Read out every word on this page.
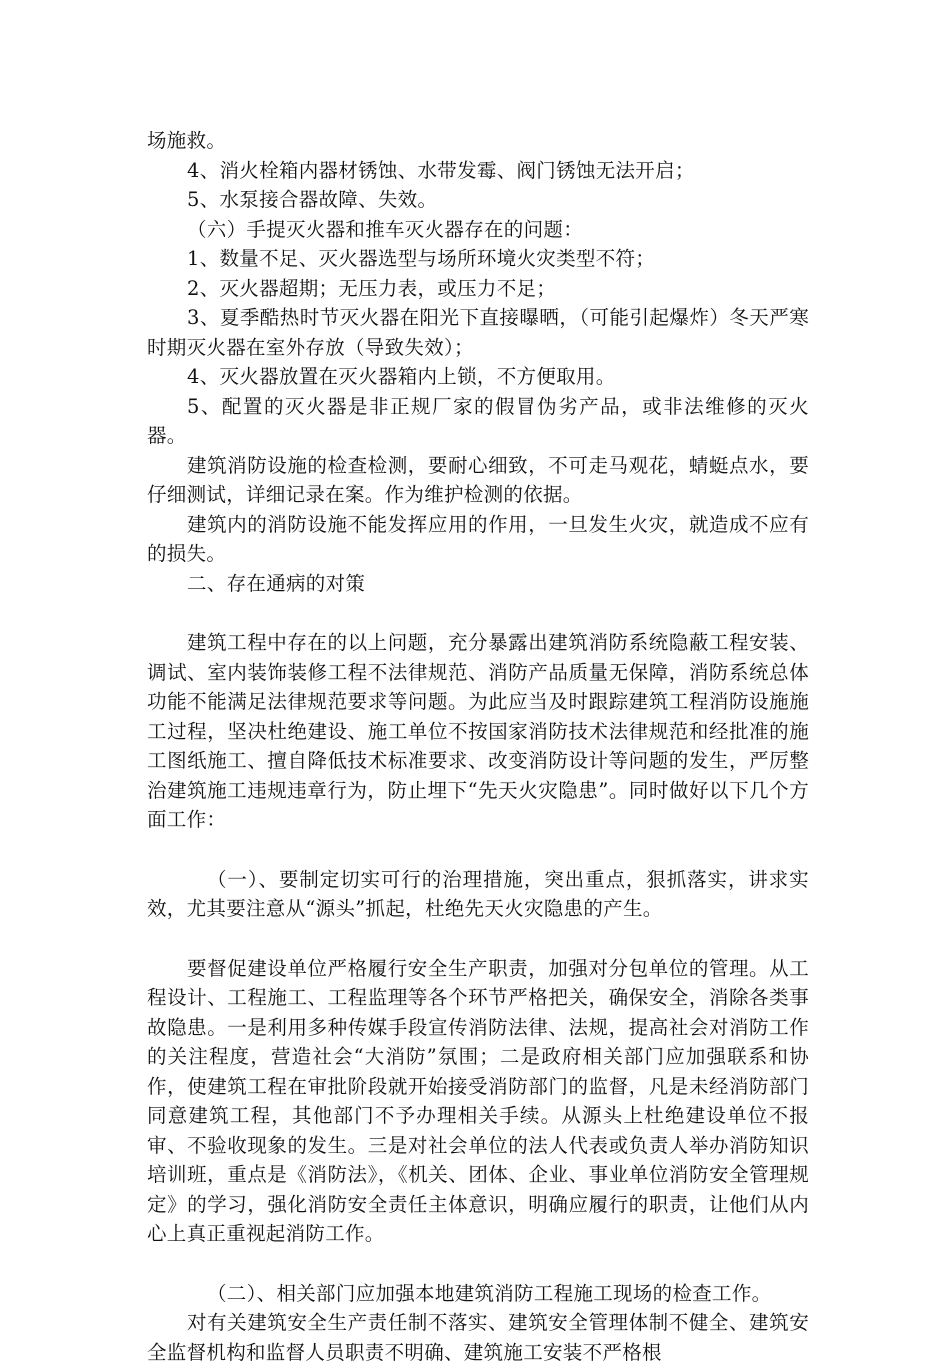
场施救。

4、消火栓箱内器材锈蚀、水带发霉、阀门锈蚀无法开启；

5、水泵接合器故障、失效。

（六）手提灭火器和推车灭火器存在的问题：

1、数量不足、灭火器选型与场所环境火灾类型不符；

2、灭火器超期；无压力表，或压力不足；

3、夏季酷热时节灭火器在阳光下直接曝晒，（可能引起爆炸）冬天严寒时期灭火器在室外存放（导致失效）；

4、灭火器放置在灭火器箱内上锁，不方便取用。

5、配置的灭火器是非正规厂家的假冒伪劣产品，或非法维修的灭火器。

建筑消防设施的检查检测，要耐心细致，不可走马观花，蜻蜓点水，要仔细测试，详细记录在案。作为维护检测的依据。

建筑内的消防设施不能发挥应用的作用，一旦发生火灾，就造成不应有的损失。

二、存在通病的对策

建筑工程中存在的以上问题，充分暴露出建筑消防系统隐蔽工程安装、调试、室内装饰装修工程不法律规范、消防产品质量无保障，消防系统总体功能不能满足法律规范要求等问题。为此应当及时跟踪建筑工程消防设施施工过程，坚决杜绝建设、施工单位不按国家消防技术法律规范和经批准的施工图纸施工、擅自降低技术标准要求、改变消防设计等问题的发生，严厉整治建筑施工违规违章行为，防止埋下“先天火灾隐患”。同时做好以下几个方面工作：

（一）、要制定切实可行的治理措施，突出重点，狠抓落实，讲求实效，尤其要注意从“源头”抓起，杜绝先天火灾隐患的产生。

要督促建设单位严格履行安全生产职责，加强对分包单位的管理。从工程设计、工程施工、工程监理等各个环节严格把关，确保安全，消除各类事故隐患。一是利用多种传媒手段宣传消防法律、法规，提高社会对消防工作的关注程度，营造社会“大消防”氛围；二是政府相关部门应加强联系和协作，使建筑工程在审批阶段就开始接受消防部门的监督，凡是未经消防部门同意建筑工程，其他部门不予办理相关手续。从源头上杜绝建设单位不报审、不验收现象的发生。三是对社会单位的法人代表或负责人举办消防知识培训班，重点是《消防法》，《机关、团体、企业、事业单位消防安全管理规定》的学习，强化消防安全责任主体意识，明确应履行的职责，让他们从内心上真正重视起消防工作。

（二）、相关部门应加强本地建筑消防工程施工现场的检查工作。

对有关建筑安全生产责任制不落实、建筑安全管理体制不健全、建筑安全监督机构和监督人员职责不明确、建筑施工安装不严格根
